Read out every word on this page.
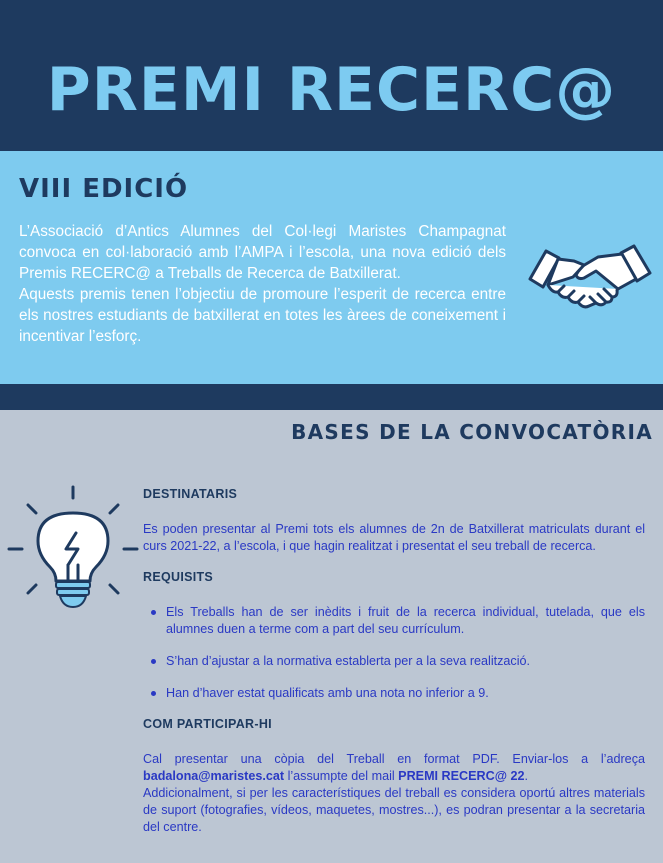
PREMI RECERC@
VIII EDICIÓ

L’Associació d’Antics Alumnes del Col·legi Maristes Champagnat convoca en col·laboració amb l’AMPA i l’escola, una nova edició dels Premis RECERC@ a Treballs de Recerca de Batxillerat.

Aquests premis tenen l’objectiu de promoure l’esperit de recerca entre els nostres estudiants de batxillerat en totes les àrees de coneixement i incentivar l’esforç.

BASES DE LA CONVOCATÒRIA

DESTINATARIS

Es poden presentar al Premi tots els alumnes de 2n de Batxillerat matriculats durant el curs 2021-22, a l’escola, i que hagin realitzat i presentat el seu treball de recerca.

REQUISITS

Els Treballs han de ser inèdits i fruit de la recerca individual, tutelada, que els alumnes duen a terme com a part del seu currículum.
S’han d’ajustar a la normativa establerta per a la seva realització.
Han d’haver estat qualificats amb una nota no inferior a 9.

COM PARTICIPAR-HI

Cal presentar una còpia del Treball en format PDF. Enviar-los a l’adreça badalona@maristes.cat l’assumpte del mail PREMI RECERC@ 22.

Addicionalment, si per les característiques del treball es considera oportú altres materials de suport (fotografies, vídeos, maquetes, mostres...), es podran presentar a la secretaria del centre.
